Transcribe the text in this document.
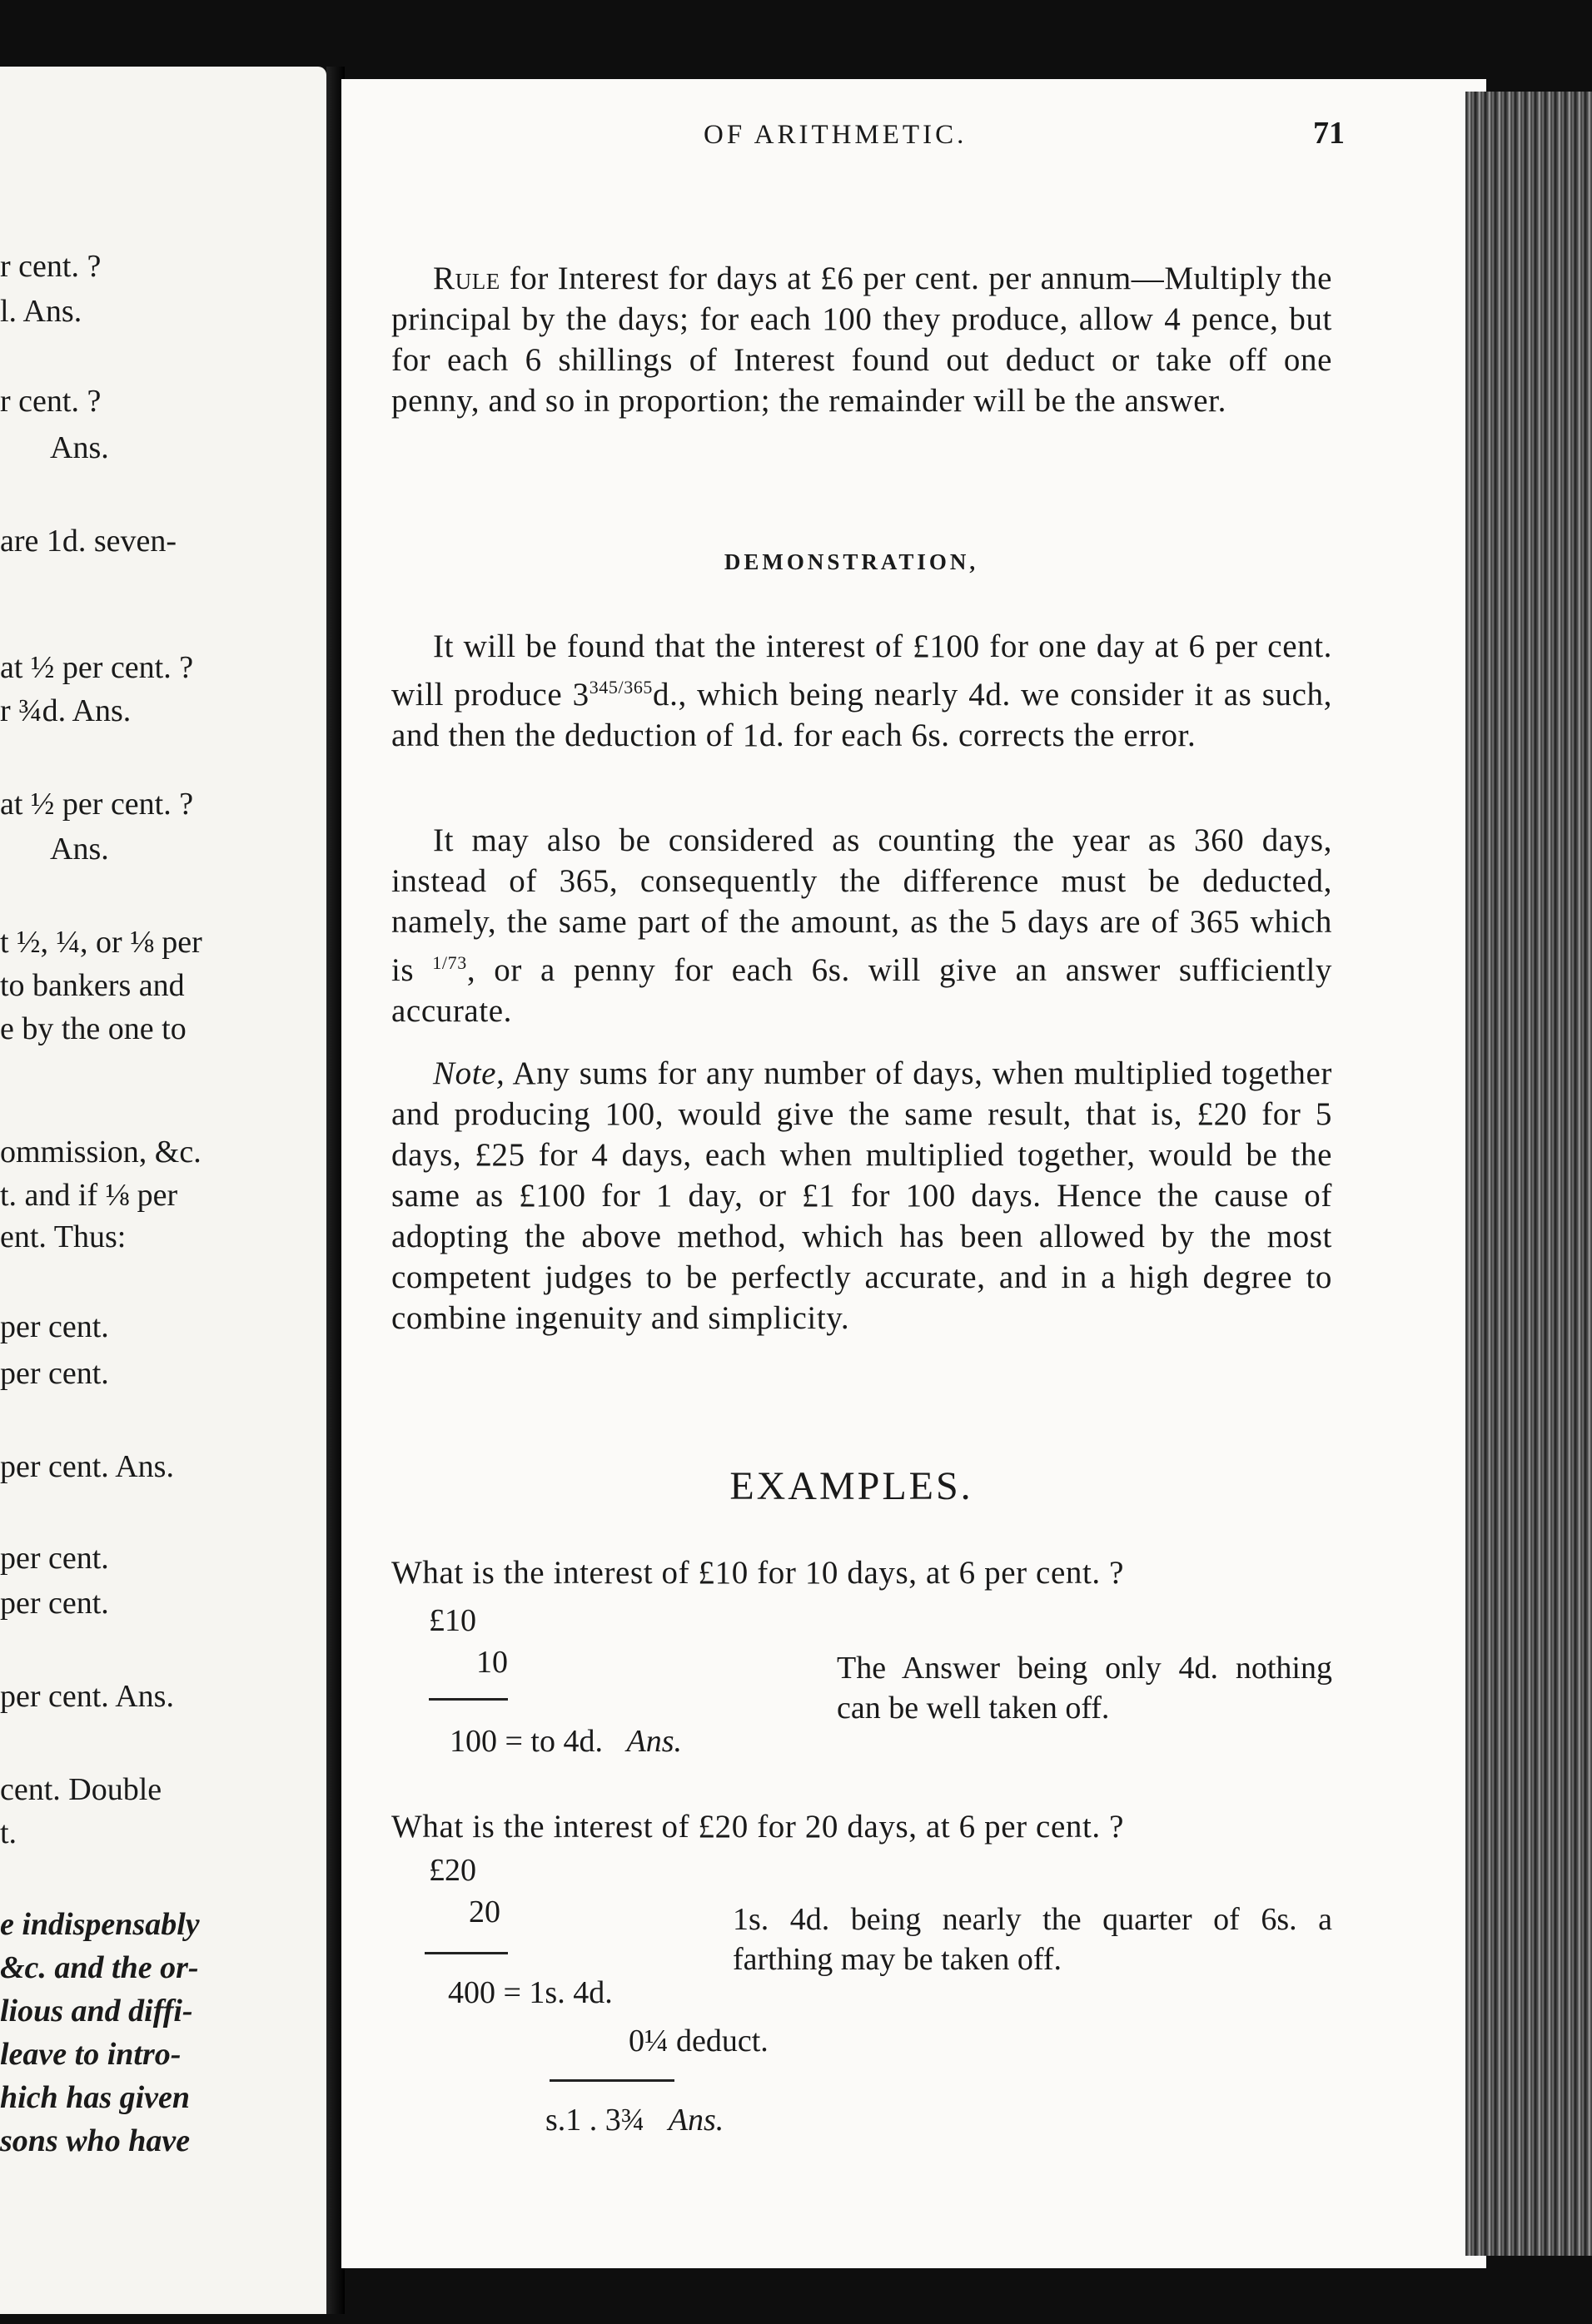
r cent. ?
l. Ans.
r cent. ?
Ans.
are 1d. seven-
at ½ per cent. ?
r ¾d. Ans.
at ½ per cent. ?
Ans.
t ½, ¼, or ⅛ per
to bankers and
e by the one to
ommission, &c.
t. and if ⅛ per
ent. Thus:
per cent.
per cent.
per cent. Ans.
per cent.
per cent.
per cent. Ans.
cent. Double
t.
e indispensably
&c. and the or-
lious and diffi-
leave to intro-
hich has given
sons who have
OF ARITHMETIC.	71
Rule for Interest for days at £6 per cent. per annum—Multiply the principal by the days; for each 100 they produce, allow 4 pence, but for each 6 shillings of Interest found out deduct or take off one penny, and so in proportion; the remainder will be the answer.
DEMONSTRATION,
It will be found that the interest of £100 for one day at 6 per cent. will produce $3^{345/365}d$., which being nearly 4d. we consider it as such, and then the deduction of 1d. for each 6s. corrects the error.
It may also be considered as counting the year as 360 days, instead of 365, consequently the difference must be deducted, namely, the same part of the amount, as the 5 days are of 365 which is $^{1/73}$, or a penny for each 6s. will give an answer sufficiently accurate.
Note, Any sums for any number of days, when multiplied together and producing 100, would give the same result, that is, £20 for 5 days, £25 for 4 days, each when multiplied together, would be the same as £100 for 1 day, or £1 for 100 days. Hence the cause of adopting the above method, which has been allowed by the most competent judges to be perfectly accurate, and in a high degree to combine ingenuity and simplicity.
EXAMPLES.
What is the interest of £10 for 10 days, at 6 per cent. ?
£10
10
100 = to 4d. Ans.
The Answer being only 4d. nothing can be well taken off.
What is the interest of £20 for 20 days, at 6 per cent. ?
£20
20
400 = 1s. 4d.
0¼ deduct.
s.1 . 3¾ Ans.
1s. 4d. being nearly the quarter of 6s. a farthing may be taken off.
